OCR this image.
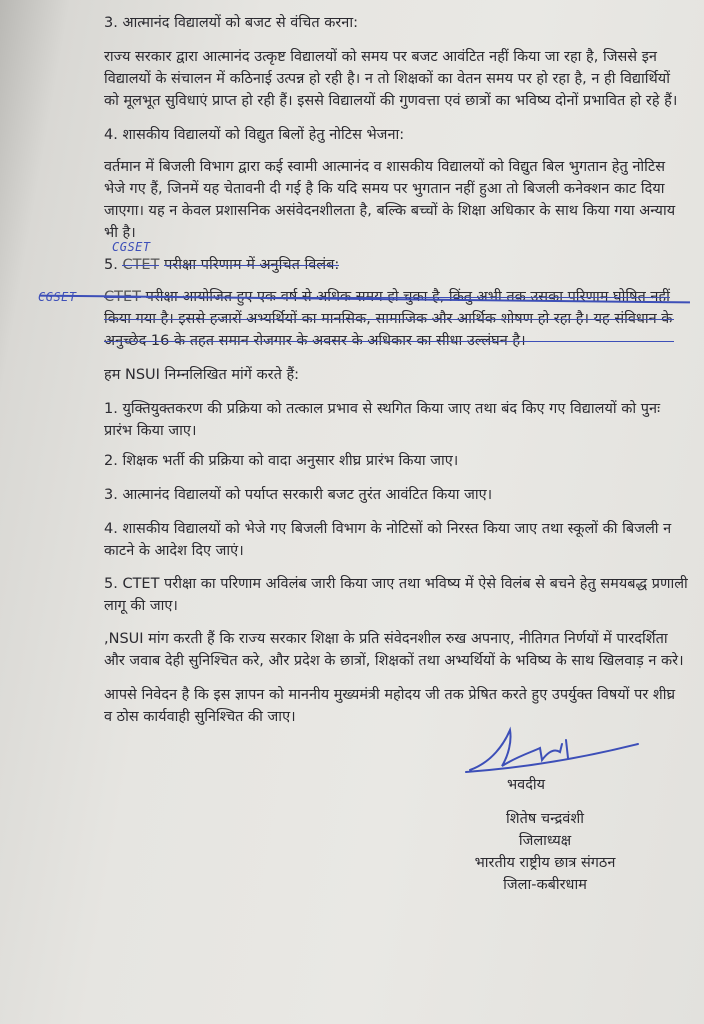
3. आत्मानंद विद्यालयों को बजट से वंचित करना:
राज्य सरकार द्वारा आत्मानंद उत्कृष्ट विद्यालयों को समय पर बजट आवंटित नहीं किया जा रहा है, जिससे इन
विद्यालयों के संचालन में कठिनाई उत्पन्न हो रही है। न तो शिक्षकों का वेतन समय पर हो रहा है, न ही विद्यार्थियों
को मूलभूत सुविधाएं प्राप्त हो रही हैं। इससे विद्यालयों की गुणवत्ता एवं छात्रों का भविष्य दोनों प्रभावित हो रहे हैं।
4. शासकीय विद्यालयों को विद्युत बिलों हेतु नोटिस भेजना:
वर्तमान में बिजली विभाग द्वारा कई स्वामी आत्मानंद व शासकीय विद्यालयों को विद्युत बिल भुगतान हेतु नोटिस
भेजे गए हैं, जिनमें यह चेतावनी दी गई है कि यदि समय पर भुगतान नहीं हुआ तो बिजली कनेक्शन काट दिया
जाएगा। यह न केवल प्रशासनिक असंवेदनशीलता है, बल्कि बच्चों के शिक्षा अधिकार के साथ किया गया अन्याय
भी है।
CGSET
5. CTET परीक्षा परिणाम में अनुचित विलंब:
CGSET CTET परीक्षा आयोजित हुए एक वर्ष से अधिक समय हो चुका है, किंतु अभी तक उसका परिणाम घोषित नहीं
किया गया है। इससे हजारों अभ्यर्थियों का मानसिक, सामाजिक और आर्थिक शोषण हो रहा है। यह संविधान के
अनुच्छेद 16 के तहत समान रोजगार के अवसर के अधिकार का सीधा उल्लंघन है।
हम NSUI निम्नलिखित मांगें करते हैं:
1. युक्तियुक्तकरण की प्रक्रिया को तत्काल प्रभाव से स्थगित किया जाए तथा बंद किए गए विद्यालयों को पुनः
प्रारंभ किया जाए।
2. शिक्षक भर्ती की प्रक्रिया को वादा अनुसार शीघ्र प्रारंभ किया जाए।
3. आत्मानंद विद्यालयों को पर्याप्त सरकारी बजट तुरंत आवंटित किया जाए।
4. शासकीय विद्यालयों को भेजे गए बिजली विभाग के नोटिसों को निरस्त किया जाए तथा स्कूलों की बिजली न
काटने के आदेश दिए जाएं।
5. CTET परीक्षा का परिणाम अविलंब जारी किया जाए तथा भविष्य में ऐसे विलंब से बचने हेतु समयबद्ध प्रणाली
लागू की जाए।
,NSUI मांग करती हैं कि राज्य सरकार शिक्षा के प्रति संवेदनशील रुख अपनाए, नीतिगत निर्णयों में पारदर्शिता
और जवाब देही सुनिश्चित करे, और प्रदेश के छात्रों, शिक्षकों तथा अभ्यर्थियों के भविष्य के साथ खिलवाड़ न करे।
आपसे निवेदन है कि इस ज्ञापन को माननीय मुख्यमंत्री महोदय जी तक प्रेषित करते हुए उपर्युक्त विषयों पर शीघ्र
व ठोस कार्यवाही सुनिश्चित की जाए।
भवदीय
शितेष चन्द्रवंशी
जिलाध्यक्ष
भारतीय राष्ट्रीय छात्र संगठन
जिला-कबीरधाम
